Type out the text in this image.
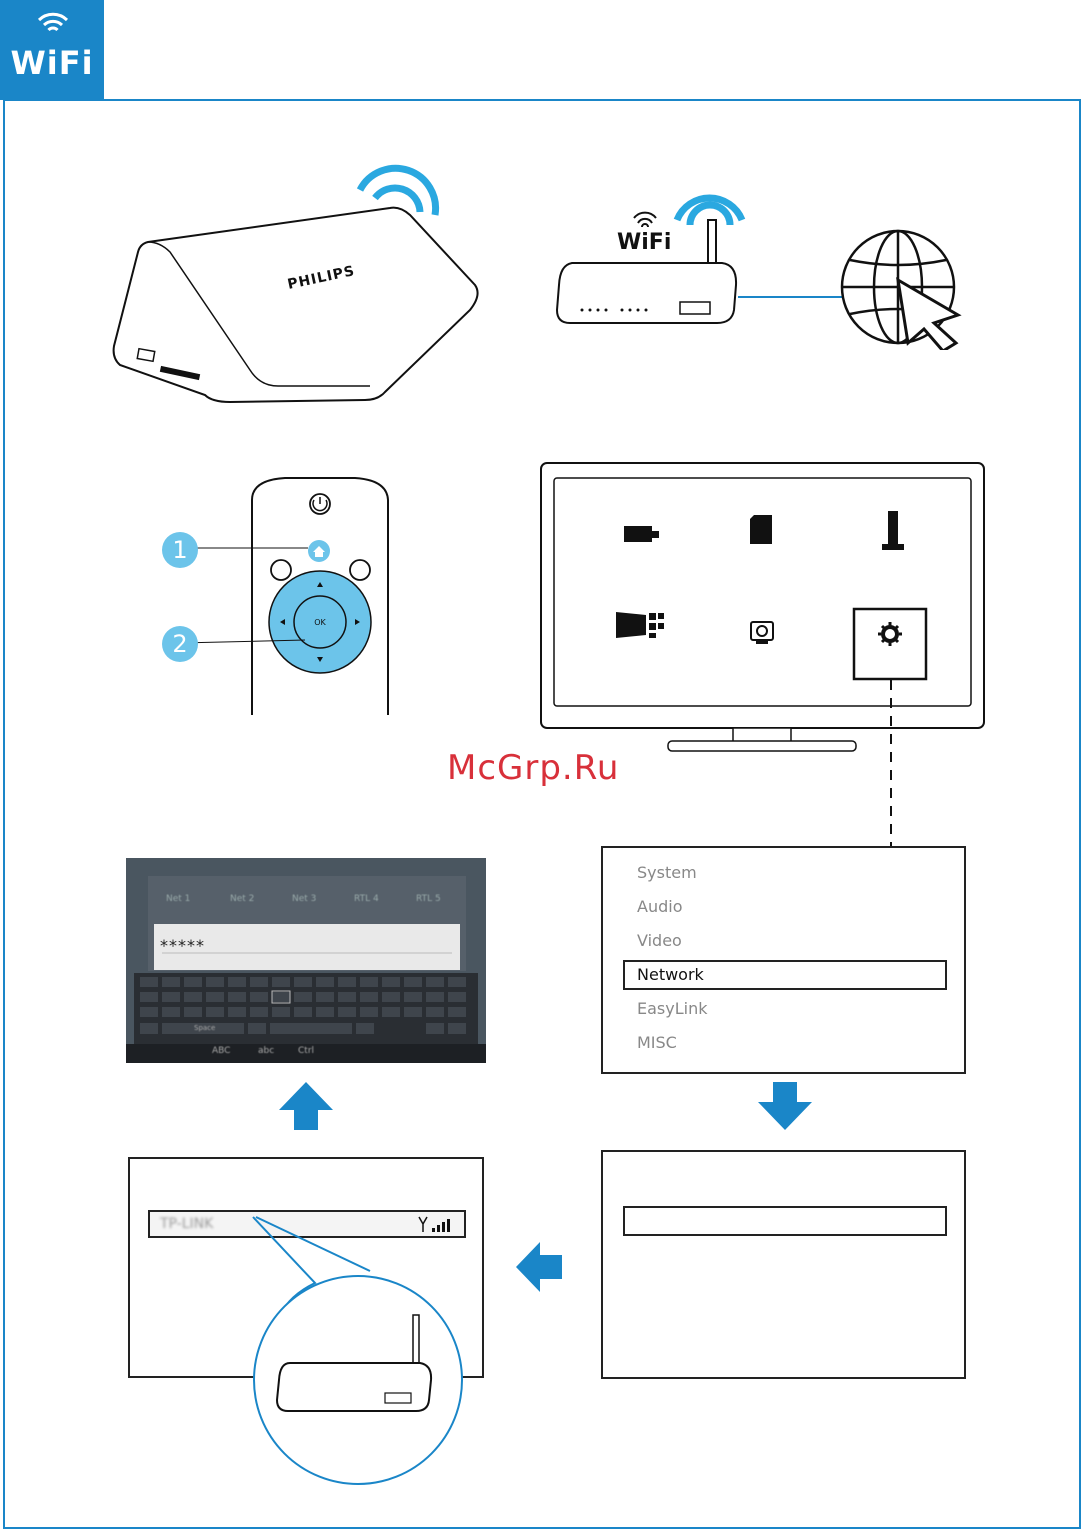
WiFi
PHILIPS
WiFi
OK
1
2
McGrp.Ru
System
Audio
Video
Network
EasyLink
MISC
TP-LINK
Net 1	Net 2	Net 3	RTL 4	RTL 5
*****
Space
ABC	abc	Ctrl
